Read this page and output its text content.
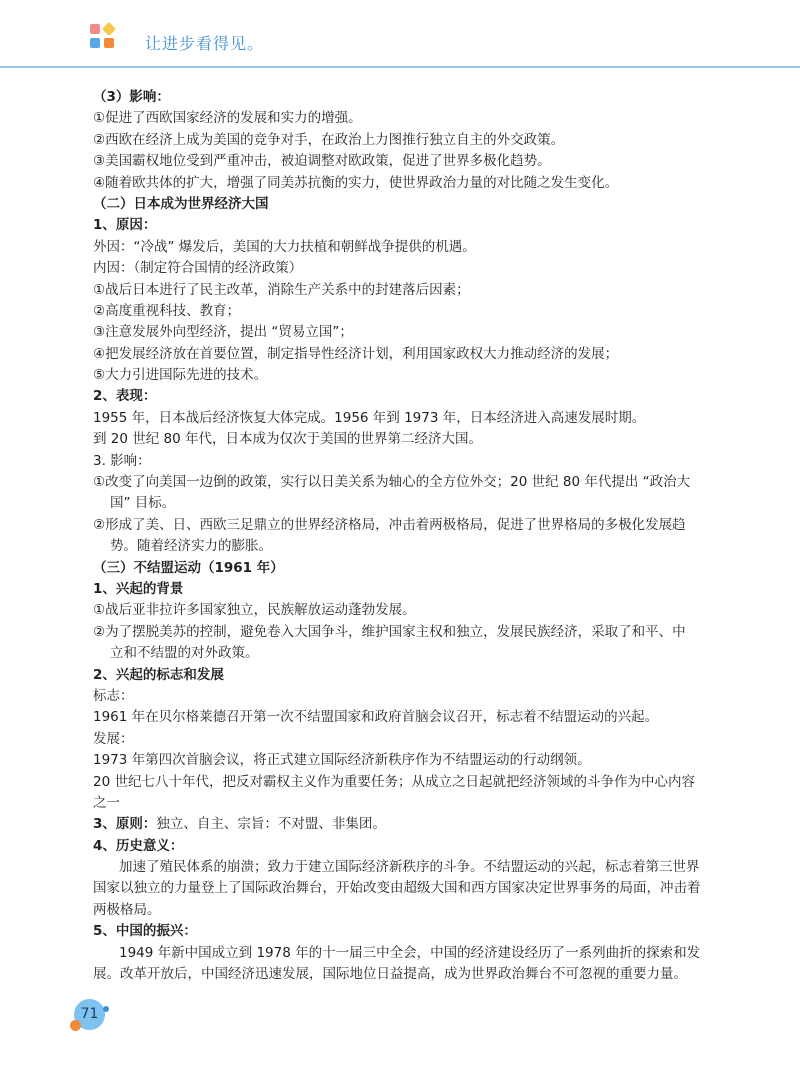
让进步看得见。
（3）影响：
①促进了西欧国家经济的发展和实力的增强。
②西欧在经济上成为美国的竞争对手，在政治上力图推行独立自主的外交政策。
③美国霸权地位受到严重冲击，被迫调整对欧政策，促进了世界多极化趋势。
④随着欧共体的扩大，增强了同美苏抗衡的实力，使世界政治力量的对比随之发生变化。
（二）日本成为世界经济大国
1、原因：
外因：“冷战” 爆发后，美国的大力扶植和朝鲜战争提供的机遇。
内因：（制定符合国情的经济政策）
①战后日本进行了民主改革，消除生产关系中的封建落后因素；
②高度重视科技、教育；
③注意发展外向型经济，提出 “贸易立国”；
④把发展经济放在首要位置，制定指导性经济计划，利用国家政权大力推动经济的发展；
⑤大力引进国际先进的技术。
2、表现：
1955 年，日本战后经济恢复大体完成。1956 年到 1973 年，日本经济进入高速发展时期。
到 20 世纪 80 年代，日本成为仅次于美国的世界第二经济大国。
3. 影响：
①改变了向美国一边倒的政策，实行以日美关系为轴心的全方位外交；20 世纪 80 年代提出 “政治大
国” 目标。
②形成了美、日、西欧三足鼎立的世界经济格局，冲击着两极格局，促进了世界格局的多极化发展趋
势。随着经济实力的膨胀。
（三）不结盟运动（1961 年）
1、兴起的背景
①战后亚非拉许多国家独立，民族解放运动蓬勃发展。
②为了摆脱美苏的控制，避免卷入大国争斗，维护国家主权和独立，发展民族经济，采取了和平、中
立和不结盟的对外政策。
2、兴起的标志和发展
标志：
1961 年在贝尔格莱德召开第一次不结盟国家和政府首脑会议召开，标志着不结盟运动的兴起。
发展：
1973 年第四次首脑会议，将正式建立国际经济新秩序作为不结盟运动的行动纲领。
20 世纪七八十年代，把反对霸权主义作为重要任务；从成立之日起就把经济领域的斗争作为中心内容
之一
3、原则：独立、自主、宗旨：不对盟、非集团。
4、历史意义：
加速了殖民体系的崩溃；致力于建立国际经济新秩序的斗争。不结盟运动的兴起，标志着第三世界
国家以独立的力量登上了国际政治舞台，开始改变由超级大国和西方国家决定世界事务的局面，冲击着
两极格局。
5、中国的振兴：
1949 年新中国成立到 1978 年的十一届三中全会，中国的经济建设经历了一系列曲折的探索和发
展。改革开放后，中国经济迅速发展，国际地位日益提高，成为世界政治舞台不可忽视的重要力量。
71
